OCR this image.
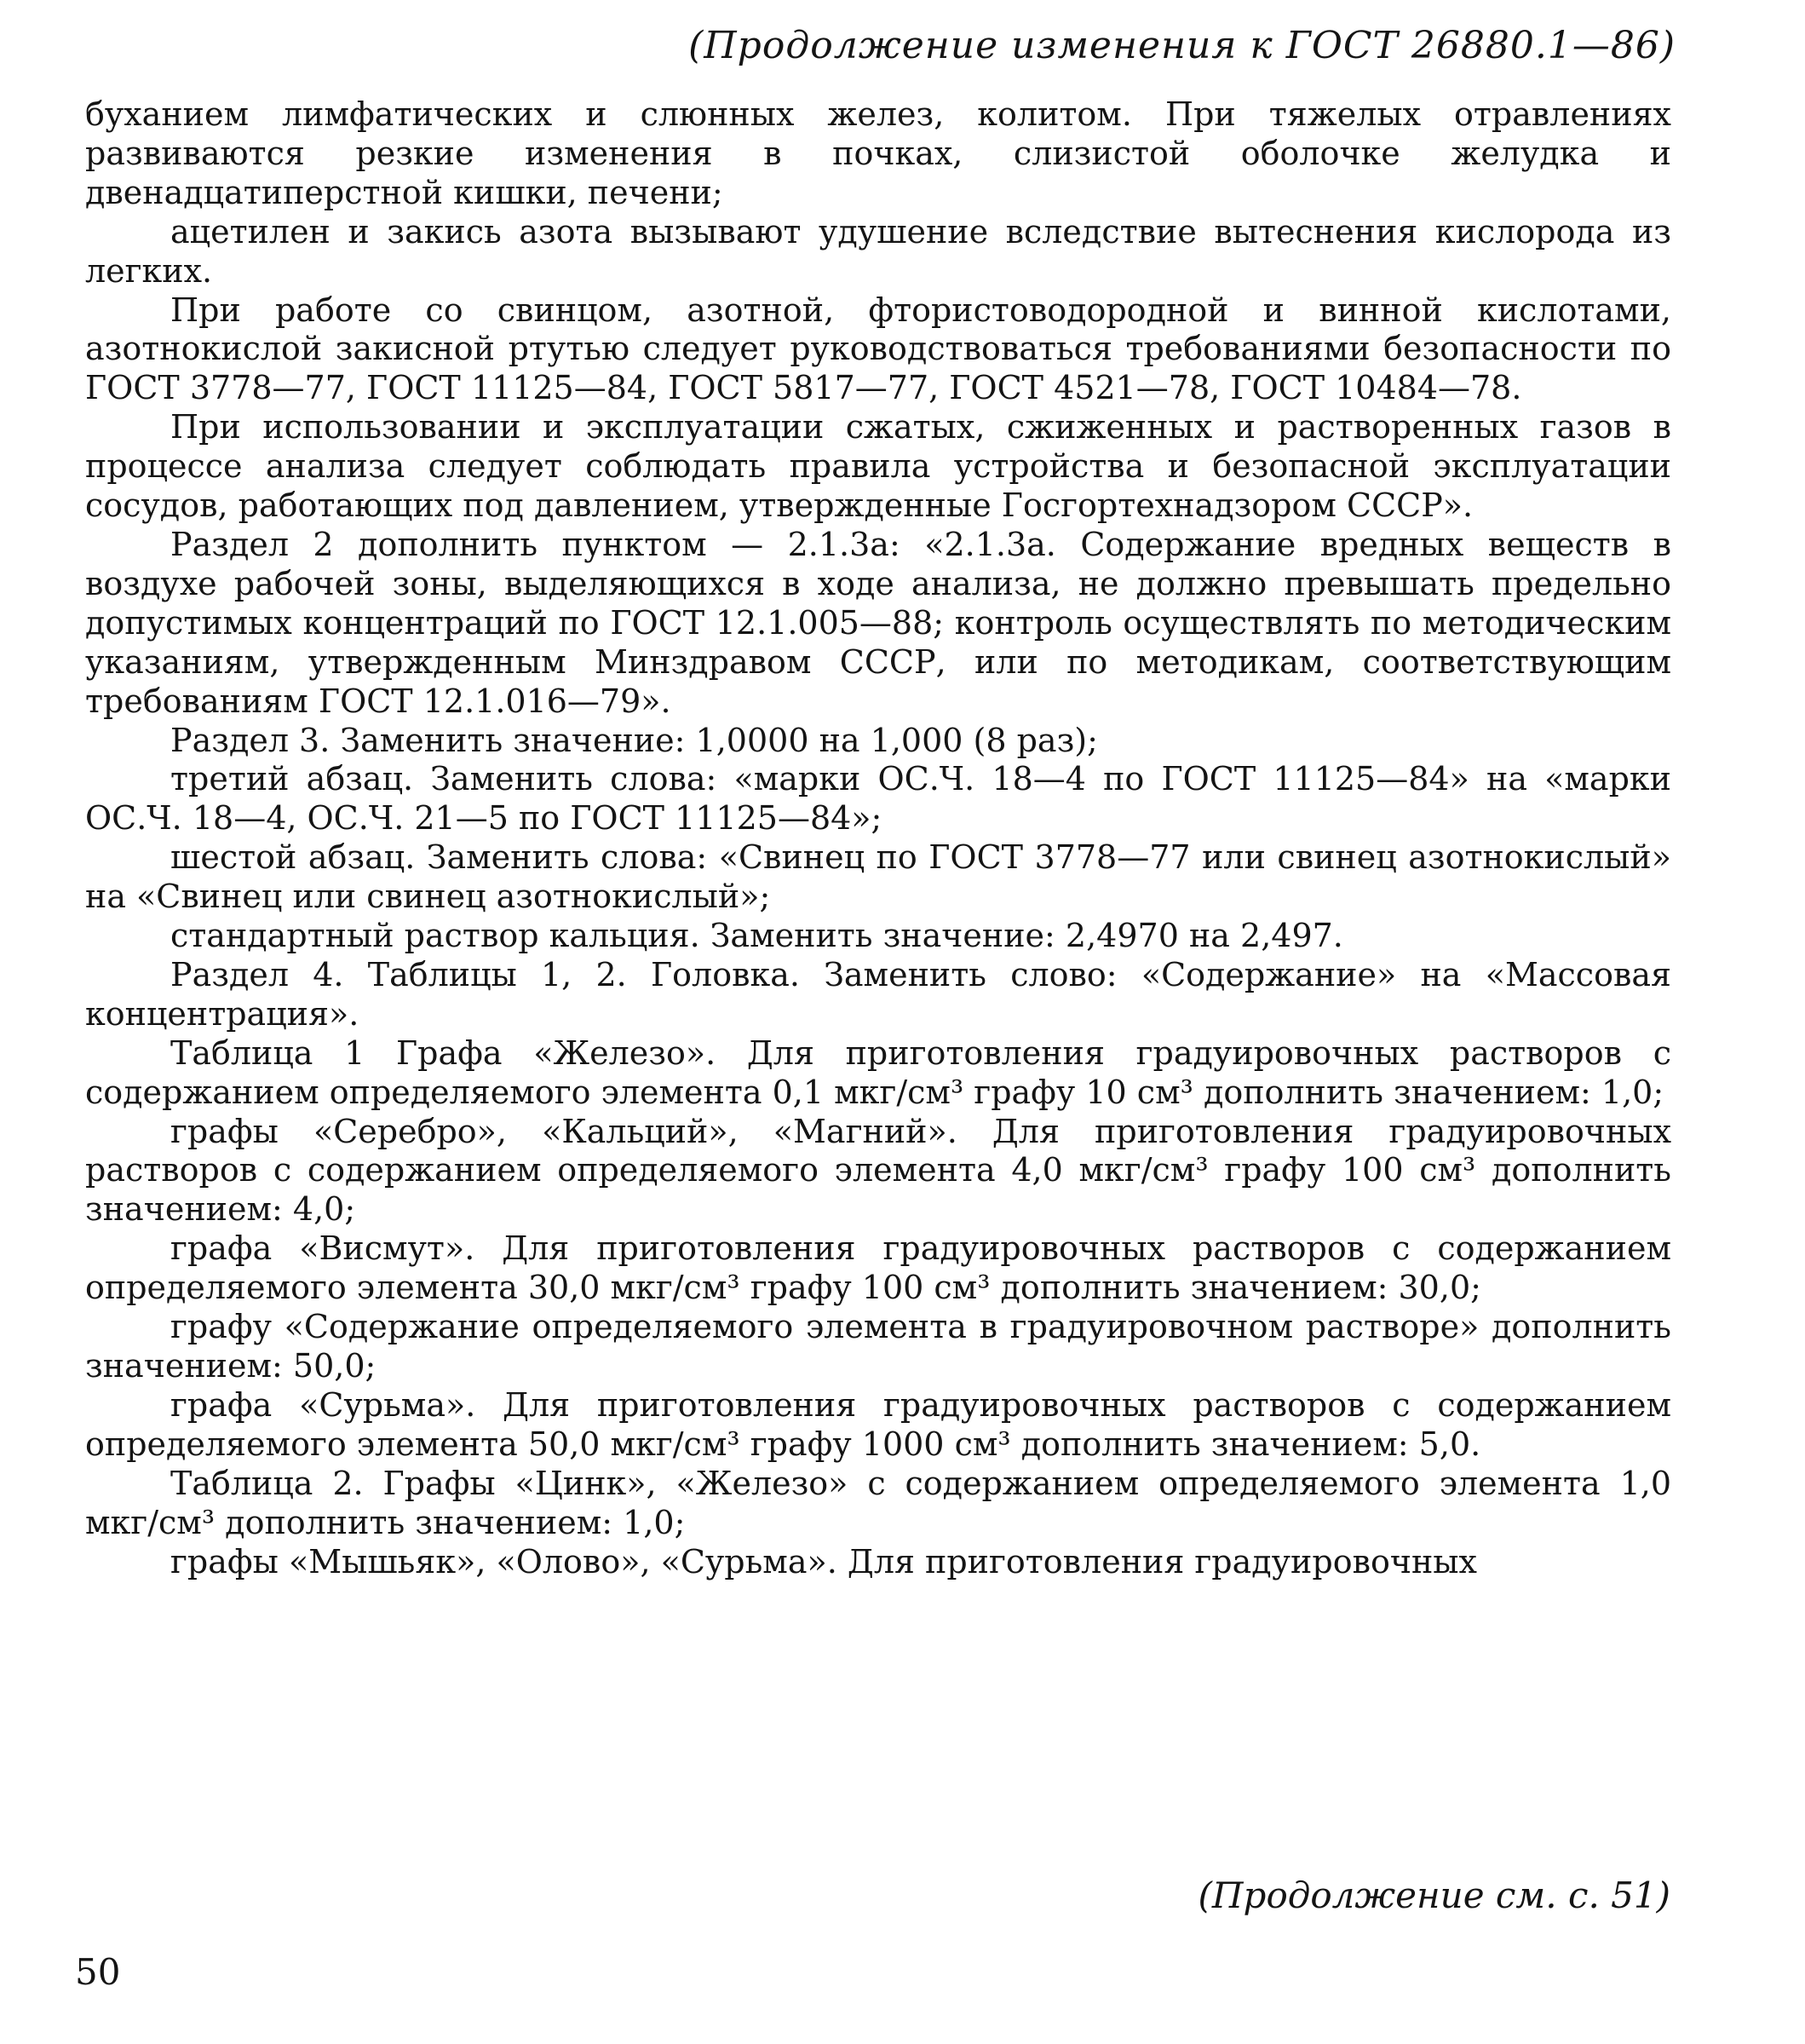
(Продолжение изменения к ГОСТ 26880.1—86)

буханием лимфатических и слюнных желез, колитом. При тяжелых отравлениях развиваются резкие изменения в почках, слизистой оболочке желудка и двенадцатиперстной кишки, печени;

ацетилен и закись азота вызывают удушение вследствие вытеснения кислорода из легких.

При работе со свинцом, азотной, фтористоводородной и винной кислотами, азотнокислой закисной ртутью следует руководствоваться требованиями безопасности по ГОСТ 3778—77, ГОСТ 11125—84, ГОСТ 5817—77, ГОСТ 4521—78, ГОСТ 10484—78.

При использовании и эксплуатации сжатых, сжиженных и растворенных газов в процессе анализа следует соблюдать правила устройства и безопасной эксплуатации сосудов, работающих под давлением, утвержденные Госгортехнадзором СССР».

Раздел 2 дополнить пунктом — 2.1.3а: «2.1.3а. Содержание вредных веществ в воздухе рабочей зоны, выделяющихся в ходе анализа, не должно превышать предельно допустимых концентраций по ГОСТ 12.1.005—88; контроль осуществлять по методическим указаниям, утвержденным Минздравом СССР, или по методикам, соответствующим требованиям ГОСТ 12.1.016—79».

Раздел 3. Заменить значение: 1,0000 на 1,000 (8 раз);

третий абзац. Заменить слова: «марки ОС.Ч. 18—4 по ГОСТ 11125—84» на «марки ОС.Ч. 18—4, ОС.Ч. 21—5 по ГОСТ 11125—84»;

шестой абзац. Заменить слова: «Свинец по ГОСТ 3778—77 или свинец азотнокислый» на «Свинец или свинец азотнокислый»;

стандартный раствор кальция. Заменить значение: 2,4970 на 2,497.

Раздел 4. Таблицы 1, 2. Головка. Заменить слово: «Содержание» на «Массовая концентрация».

Таблица 1 Графа «Железо». Для приготовления градуировочных растворов с содержанием определяемого элемента 0,1 мкг/см³ графу 10 см³ дополнить значением: 1,0;

графы «Серебро», «Кальций», «Магний». Для приготовления градуировочных растворов с содержанием определяемого элемента 4,0 мкг/см³ графу 100 см³ дополнить значением: 4,0;

графа «Висмут». Для приготовления градуировочных растворов с содержанием определяемого элемента 30,0 мкг/см³ графу 100 см³ дополнить значением: 30,0;

графу «Содержание определяемого элемента в градуировочном растворе» дополнить значением: 50,0;

графа «Сурьма». Для приготовления градуировочных растворов с содержанием определяемого элемента 50,0 мкг/см³ графу 1000 см³ дополнить значением: 5,0.

Таблица 2. Графы «Цинк», «Железо» с содержанием определяемого элемента 1,0 мкг/см³ дополнить значением: 1,0;

графы «Мышьяк», «Олово», «Сурьма». Для приготовления градуировочных

(Продолжение см. с. 51)
50
